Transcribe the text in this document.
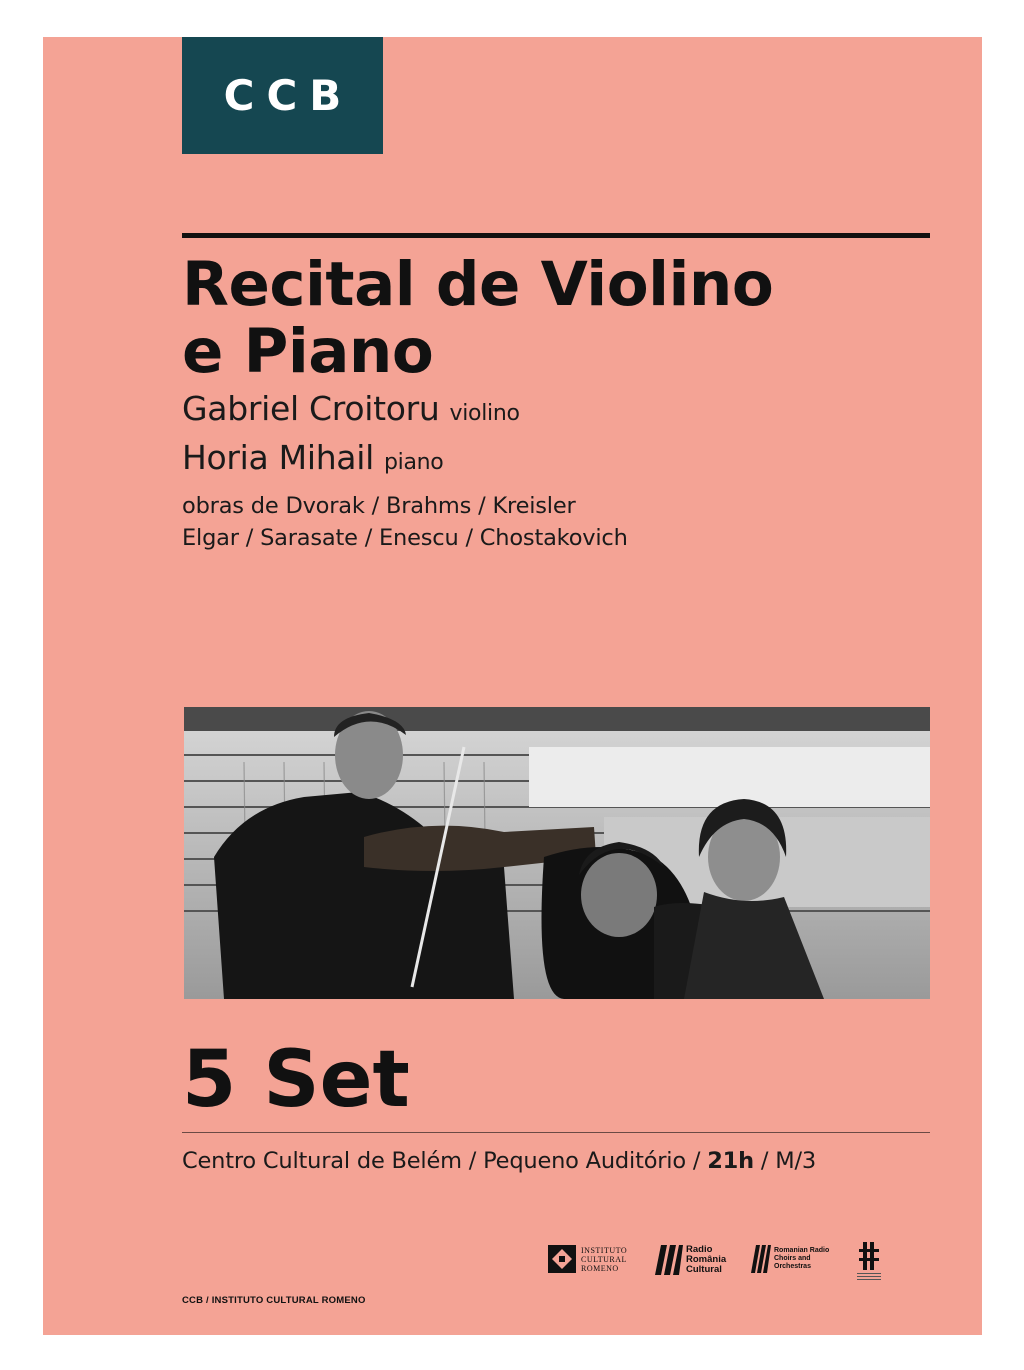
CCB
Recital de Violino
e Piano
Gabriel Croitoru violino
Horia Mihail piano
obras de Dvorak / Brahms / Kreisler
Elgar / Sarasate / Enescu / Chostakovich
5 Set
Centro Cultural de Belém / Pequeno Auditório / 21h / M/3
CCB / INSTITUTO CULTURAL ROMENO
INSTITUTO
CULTURAL
ROMENO
Radio
România
Cultural
Romanian Radio
Choirs and
Orchestras
